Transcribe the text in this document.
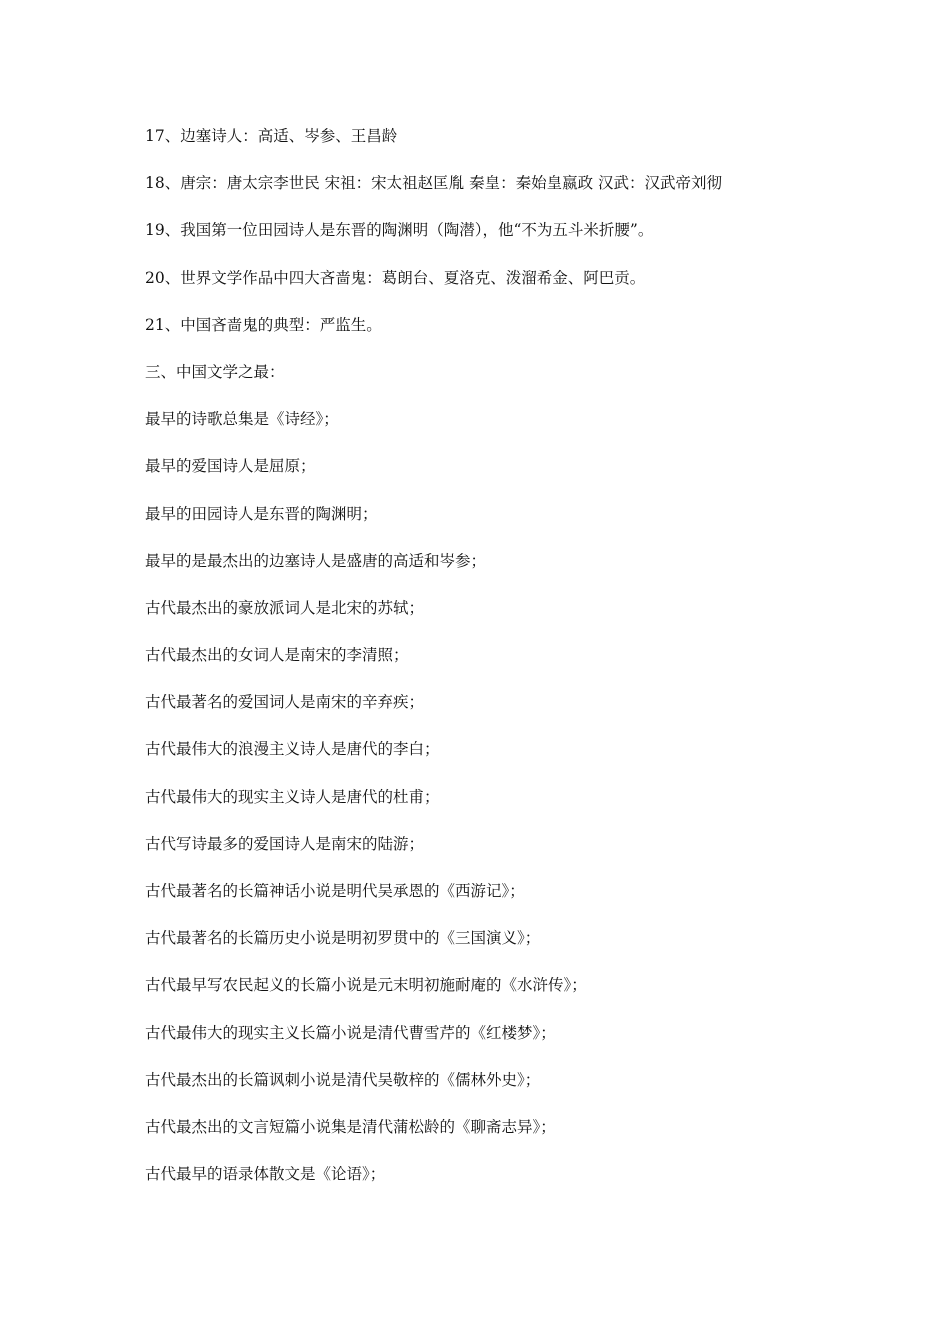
17、边塞诗人：高适、岑参、王昌龄
18、唐宗：唐太宗李世民 宋祖：宋太祖赵匡胤 秦皇：秦始皇嬴政 汉武：汉武帝刘彻
19、我国第一位田园诗人是东晋的陶渊明（陶潜），他“不为五斗米折腰”。
20、世界文学作品中四大吝啬鬼：葛朗台、夏洛克、泼溜希金、阿巴贡。
21、中国吝啬鬼的典型：严监生。
三、中国文学之最：
最早的诗歌总集是《诗经》；
最早的爱国诗人是屈原；
最早的田园诗人是东晋的陶渊明；
最早的是最杰出的边塞诗人是盛唐的高适和岑参；
古代最杰出的豪放派词人是北宋的苏轼；
古代最杰出的女词人是南宋的李清照；
古代最著名的爱国词人是南宋的辛弃疾；
古代最伟大的浪漫主义诗人是唐代的李白；
古代最伟大的现实主义诗人是唐代的杜甫；
古代写诗最多的爱国诗人是南宋的陆游；
古代最著名的长篇神话小说是明代吴承恩的《西游记》；
古代最著名的长篇历史小说是明初罗贯中的《三国演义》；
古代最早写农民起义的长篇小说是元末明初施耐庵的《水浒传》；
古代最伟大的现实主义长篇小说是清代曹雪芹的《红楼梦》；
古代最杰出的长篇讽刺小说是清代吴敬梓的《儒林外史》；
古代最杰出的文言短篇小说集是清代蒲松龄的《聊斋志异》；
古代最早的语录体散文是《论语》；
